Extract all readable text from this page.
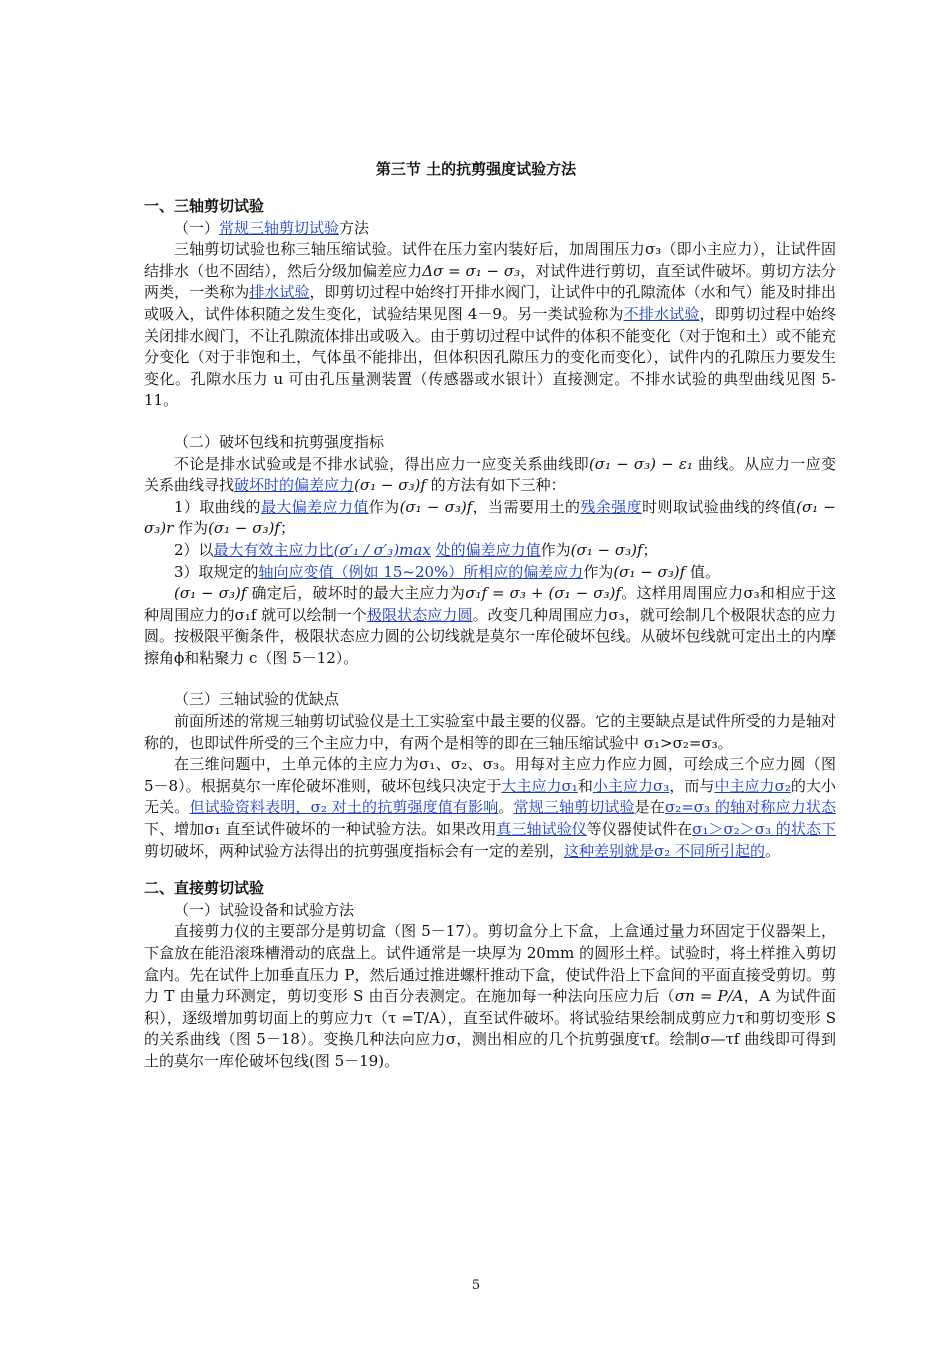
第三节 土的抗剪强度试验方法
一、三轴剪切试验
（一）常规三轴剪切试验方法

三轴剪切试验也称三轴压缩试验。试件在压力室内装好后，加周围压力σ₃（即小主应力），让试件固结排水（也不固结），然后分级加偏差应力Δσ = σ₁ − σ₃，对试件进行剪切，直至试件破坏。剪切方法分两类，一类称为排水试验，即剪切过程中始终打开排水阀门，让试件中的孔隙流体（水和气）能及时排出或吸入，试件体积随之发生变化，试验结果见图 4－9。另一类试验称为不排水试验，即剪切过程中始终关闭排水阀门，不让孔隙流体排出或吸入。由于剪切过程中试件的体积不能变化（对于饱和土）或不能充分变化（对于非饱和土，气体虽不能排出，但体积因孔隙压力的变化而变化），试件内的孔隙压力要发生变化。孔隙水压力 u 可由孔压量测装置（传感器或水银计）直接测定。不排水试验的典型曲线见图 5-11。

（二）破坏包线和抗剪强度指标

不论是排水试验或是不排水试验，得出应力一应变关系曲线即(σ₁ − σ₃) − ε₁ 曲线。从应力一应变关系曲线寻找破坏时的偏差应力(σ₁ − σ₃)f 的方法有如下三种：

1）取曲线的最大偏差应力值作为(σ₁ − σ₃)f，当需要用土的残余强度时则取试验曲线的终值(σ₁ − σ₃)r 作为(σ₁ − σ₃)f；

2）以最大有效主应力比(σ′₁ / σ′₃)max 处的偏差应力值作为(σ₁ − σ₃)f；

3）取规定的轴向应变值（例如 15~20%）所相应的偏差应力作为(σ₁ − σ₃)f 值。

(σ₁ − σ₃)f 确定后，破坏时的最大主应力为σ₁f = σ₃ + (σ₁ − σ₃)f。这样用周围应力σ₃和相应于这种周围应力的σ₁f 就可以绘制一个极限状态应力圆。改变几种周围应力σ₃，就可绘制几个极限状态的应力圆。按极限平衡条件，极限状态应力圆的公切线就是莫尔一库伦破坏包线。从破坏包线就可定出土的内摩擦角ϕ和粘聚力 c（图 5－12）。

（三）三轴试验的优缺点

前面所述的常规三轴剪切试验仪是土工实验室中最主要的仪器。它的主要缺点是试件所受的力是轴对称的，也即试件所受的三个主应力中，有两个是相等的即在三轴压缩试验中 σ₁>σ₂=σ₃。

在三维问题中，土单元体的主应力为σ₁、σ₂、σ₃。用每对主应力作应力圆，可绘成三个应力圆（图 5－8）。根据莫尔一库伦破坏准则，破坏包线只决定于大主应力σ₁和小主应力σ₃，而与中主应力σ₂的大小无关。但试验资料表明，σ₂ 对土的抗剪强度值有影响。常规三轴剪切试验是在σ₂=σ₃ 的轴对称应力状态下、增加σ₁ 直至试件破坏的一种试验方法。如果改用真三轴试验仪等仪器使试件在σ₁＞σ₂＞σ₃ 的状态下剪切破坏，两种试验方法得出的抗剪强度指标会有一定的差别，这种差别就是σ₂ 不同所引起的。

二、直接剪切试验
（一）试验设备和试验方法

直接剪力仪的主要部分是剪切盒（图 5－17）。剪切盒分上下盒，上盒通过量力环固定于仪器架上，下盒放在能沿滚珠槽滑动的底盘上。试件通常是一块厚为 20mm 的圆形土样。试验时，将土样推入剪切盒内。先在试件上加垂直压力 P，然后通过推进螺杆推动下盒，使试件沿上下盒间的平面直接受剪切。剪力 T 由量力环测定，剪切变形 S 由百分表测定。在施加每一种法向压应力后（σn = P/A，A 为试件面积），逐级增加剪切面上的剪应力τ（τ =T/A），直至试件破坏。将试验结果绘制成剪应力τ和剪切变形 S 的关系曲线（图 5－18）。变换几种法向应力σ，测出相应的几个抗剪强度τf。绘制σ—τf 曲线即可得到土的莫尔一库伦破坏包线(图 5－19)。

5
